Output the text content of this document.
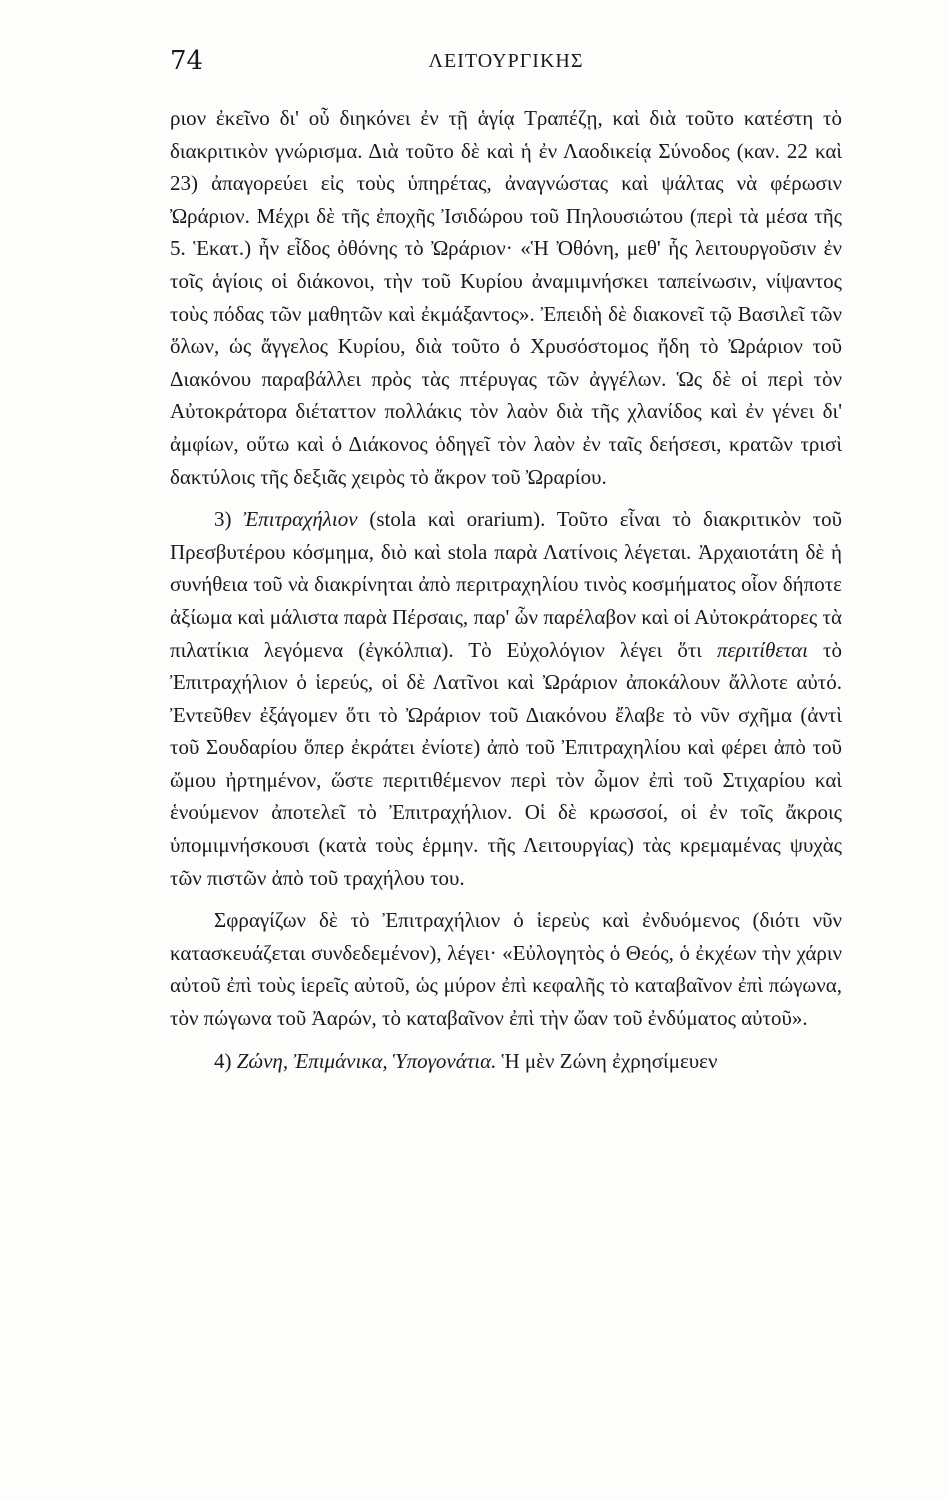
74	ΛΕΙΤΟΥΡΓΙΚΗΣ

ριον ἐκεῖνο δι' οὗ διηκόνει ἐν τῇ ἁγίᾳ Τραπέζῃ, καὶ διὰ τοῦτο κατέστη τὸ διακριτικὸν γνώρισμα. Διὰ τοῦτο δὲ καὶ ἡ ἐν Λαοδικείᾳ Σύνοδος (καν. 22 καὶ 23) ἀπαγορεύει εἰς τοὺς ὑπηρέτας, ἀναγνώστας καὶ ψάλτας νὰ φέρωσιν Ὠράριον. Μέχρι δὲ τῆς ἐποχῆς Ἰσιδώρου τοῦ Πηλουσιώτου (περὶ τὰ μέσα τῆς 5. Ἑκατ.) ἦν εἶδος ὀθόνης τὸ Ὠράριον· «Ἡ Ὀθόνη, μεθ' ἧς λειτουργοῦσιν ἐν τοῖς ἁγίοις οἱ διάκονοι, τὴν τοῦ Κυρίου ἀναμιμνήσκει ταπείνωσιν, νίψαντος τοὺς πόδας τῶν μαθητῶν καὶ ἐκμάξαντος». Ἐπειδὴ δὲ διακονεῖ τῷ Βασιλεῖ τῶν ὅλων, ὡς ἄγγελος Κυρίου, διὰ τοῦτο ὁ Χρυσόστομος ἤδη τὸ Ὠράριον τοῦ Διακόνου παραβάλλει πρὸς τὰς πτέρυγας τῶν ἀγγέλων. Ὡς δὲ οἱ περὶ τὸν Αὐτοκράτορα διέταττον πολλάκις τὸν λαὸν διὰ τῆς χλανίδος καὶ ἐν γένει δι' ἀμφίων, οὕτω καὶ ὁ Διάκονος ὁδηγεῖ τὸν λαὸν ἐν ταῖς δεήσεσι, κρατῶν τρισὶ δακτύλοις τῆς δεξιᾶς χειρὸς τὸ ἄκρον τοῦ Ὠραρίου.

3) Ἐπιτραχήλιον (stola καὶ orarium). Τοῦτο εἶναι τὸ διακριτικὸν τοῦ Πρεσβυτέρου κόσμημα, διὸ καὶ stola παρὰ Λατίνοις λέγεται. Ἀρχαιοτάτη δὲ ἡ συνήθεια τοῦ νὰ διακρίνηται ἀπὸ περιτραχηλίου τινὸς κοσμήματος οἷον δήποτε ἀξίωμα καὶ μάλιστα παρὰ Πέρσαις, παρ' ὧν παρέλαβον καὶ οἱ Αὐτοκράτορες τὰ πιλατίκια λεγόμενα (ἐγκόλπια). Τὸ Εὐχολόγιον λέγει ὅτι περιτίθεται τὸ Ἐπιτραχήλιον ὁ ἱερεύς, οἱ δὲ Λατῖνοι καὶ Ὠράριον ἀποκάλουν ἄλλοτε αὐτό. Ἐντεῦθεν ἐξάγομεν ὅτι τὸ Ὠράριον τοῦ Διακόνου ἔλαβε τὸ νῦν σχῆμα (ἀντὶ τοῦ Σουδαρίου ὅπερ ἐκράτει ἐνίοτε) ἀπὸ τοῦ Ἐπιτραχηλίου καὶ φέρει ἀπὸ τοῦ ὤμου ἠρτημένον, ὥστε περιτιθέμενον περὶ τὸν ὦμον ἐπὶ τοῦ Στιχαρίου καὶ ἑνούμενον ἀποτελεῖ τὸ Ἐπιτραχήλιον. Οἱ δὲ κρωσσοί, οἱ ἐν τοῖς ἄκροις ὑπομιμνήσκουσι (κατὰ τοὺς ἑρμην. τῆς Λειτουργίας) τὰς κρεμαμένας ψυχὰς τῶν πιστῶν ἀπὸ τοῦ τραχήλου του.

Σφραγίζων δὲ τὸ Ἐπιτραχήλιον ὁ ἱερεὺς καὶ ἐνδυόμενος (διότι νῦν κατασκευάζεται συνδεδεμένον), λέγει· «Εὐλογητὸς ὁ Θεός, ὁ ἐκχέων τὴν χάριν αὐτοῦ ἐπὶ τοὺς ἱερεῖς αὐτοῦ, ὡς μύρον ἐπὶ κεφαλῆς τὸ καταβαῖνον ἐπὶ πώγωνα, τὸν πώγωνα τοῦ Ἀαρών, τὸ καταβαῖνον ἐπὶ τὴν ὤαν τοῦ ἐνδύματος αὐτοῦ».

4) Ζώνη, Ἐπιμάνικα, Ὑπογονάτια. Ἡ μὲν Ζώνη ἐχρησίμευεν
